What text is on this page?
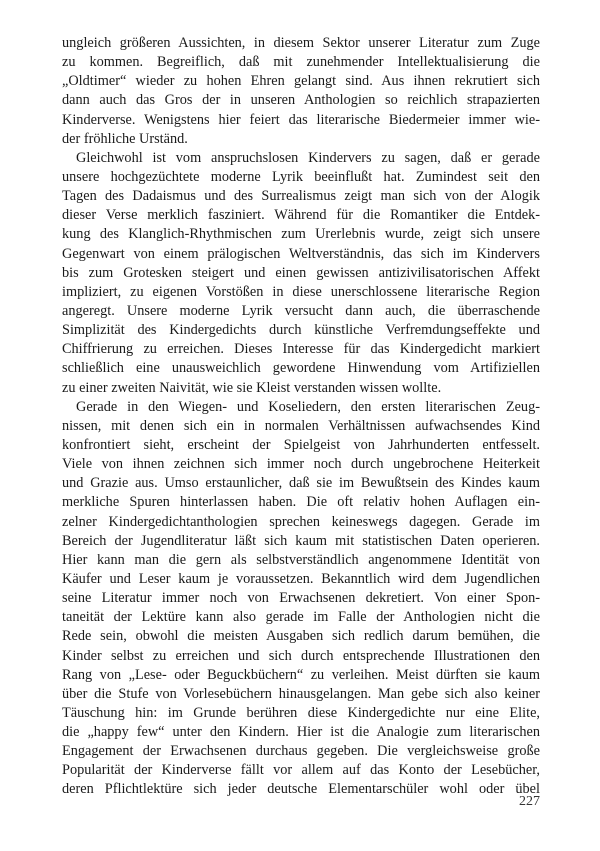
ungleich größeren Aussichten, in diesem Sektor unserer Literatur zum Zuge
zu kommen. Begreiflich, daß mit zunehmender Intellektualisierung die
„Oldtimer“ wieder zu hohen Ehren gelangt sind. Aus ihnen rekrutiert sich
dann auch das Gros der in unseren Anthologien so reichlich strapazierten
Kinderverse. Wenigstens hier feiert das literarische Biedermeier immer wie-
der fröhliche Urständ.
Gleichwohl ist vom anspruchslosen Kindervers zu sagen, daß er gerade
unsere hochgezüchtete moderne Lyrik beeinflußt hat. Zumindest seit den
Tagen des Dadaismus und des Surrealismus zeigt man sich von der Alogik
dieser Verse merklich fasziniert. Während für die Romantiker die Entdek-
kung des Klanglich-Rhythmischen zum Urerlebnis wurde, zeigt sich unsere
Gegenwart von einem prälogischen Weltverständnis, das sich im Kindervers
bis zum Grotesken steigert und einen gewissen antizivilisatorischen Affekt
impliziert, zu eigenen Vorstößen in diese unerschlossene literarische Region
angeregt. Unsere moderne Lyrik versucht dann auch, die überraschende
Simplizität des Kindergedichts durch künstliche Verfremdungseffekte und
Chiffrierung zu erreichen. Dieses Interesse für das Kindergedicht markiert
schließlich eine unausweichlich gewordene Hinwendung vom Artifiziellen
zu einer zweiten Naivität, wie sie Kleist verstanden wissen wollte.
Gerade in den Wiegen- und Koseliedern, den ersten literarischen Zeug-
nissen, mit denen sich ein in normalen Verhältnissen aufwachsendes Kind
konfrontiert sieht, erscheint der Spielgeist von Jahrhunderten entfesselt.
Viele von ihnen zeichnen sich immer noch durch ungebrochene Heiterkeit
und Grazie aus. Umso erstaunlicher, daß sie im Bewußtsein des Kindes kaum
merkliche Spuren hinterlassen haben. Die oft relativ hohen Auflagen ein-
zelner Kindergedichtanthologien sprechen keineswegs dagegen. Gerade im
Bereich der Jugendliteratur läßt sich kaum mit statistischen Daten operieren.
Hier kann man die gern als selbstverständlich angenommene Identität von
Käufer und Leser kaum je voraussetzen. Bekanntlich wird dem Jugendlichen
seine Literatur immer noch von Erwachsenen dekretiert. Von einer Spon-
taneität der Lektüre kann also gerade im Falle der Anthologien nicht die
Rede sein, obwohl die meisten Ausgaben sich redlich darum bemühen, die
Kinder selbst zu erreichen und sich durch entsprechende Illustrationen den
Rang von „Lese- oder Beguckbüchern“ zu verleihen. Meist dürften sie kaum
über die Stufe von Vorlesebüchern hinausgelangen. Man gebe sich also keiner
Täuschung hin: im Grunde berühren diese Kindergedichte nur eine Elite,
die „happy few“ unter den Kindern. Hier ist die Analogie zum literarischen
Engagement der Erwachsenen durchaus gegeben. Die vergleichsweise große
Popularität der Kinderverse fällt vor allem auf das Konto der Lesebücher,
deren Pflichtlektüre sich jeder deutsche Elementarschüler wohl oder übel
227
